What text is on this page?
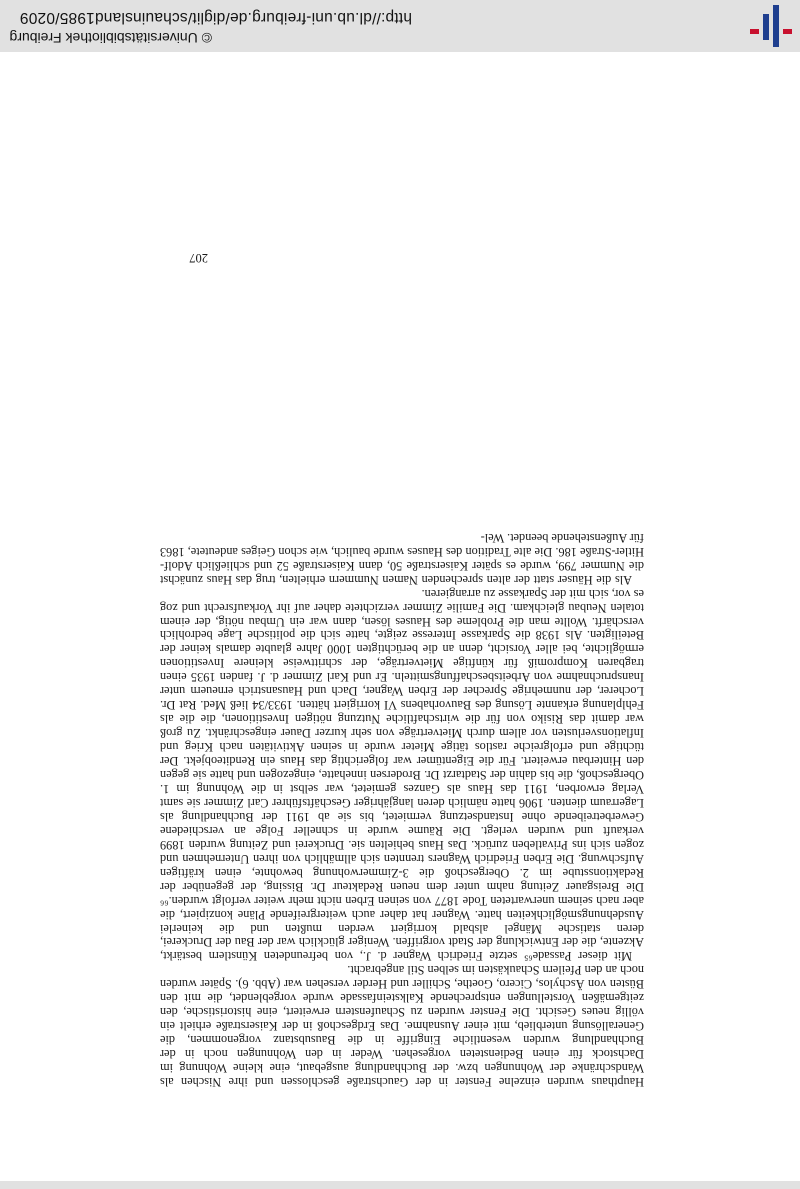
Haupthaus wurden einzelne Fenster in der Gauchstraße geschlossen und ihre Nischen als Wandschränke der Wohnungen bzw. der Buchhandlung ausgebaut, eine kleine Wohnung im Dachstock für einen Bediensteten vorgesehen. Weder in den Wohnungen noch in der Buchhandlung wurden wesentliche Eingriffe in die Bausubstanz vorgenommen, die Generallösung unterblieb, mit einer Ausnahme. Das Erdgeschoß in der Kaiserstraße erhielt ein völlig neues Gesicht. Die Fenster wurden zu Schaufenstern erweitert, eine historistische, den zeitgemäßen Vorstellungen entsprechende Kalksteinfassade wurde vorgeblendet, die mit den Büsten von Äschylos, Cicero, Goethe, Schiller und Herder versehen war (Abb. 6). Später wurden noch an den Pfeilern Schaukästen im selben Stil angebracht.

Mit dieser Passade⁶⁵ setzte Friedrich Wagner d. J., von befreundeten Künstlern bestärkt, Akzente, die der Entwicklung der Stadt vorgriffen. Weniger glücklich war der Bau der Druckerei, deren statische Mängel alsbald korrigiert werden mußten und die keinerlei Ausdehnungsmöglichkeiten hatte. Wagner hat daher auch weitergreifende Pläne konzipiert, die aber nach seinem unerwarteten Tode 1877 von seinen Erben nicht mehr weiter verfolgt wurden.⁶⁶ Die Breisgauer Zeitung nahm unter dem neuen Redakteur Dr. Bissing, der gegenüber der Redaktionsstube im 2. Obergeschoß die 3-Zimmerwohnung bewohnte, einen kräftigen Aufschwung. Die Erben Friedrich Wagners trennten sich allmählich von ihren Unternehmen und zogen sich ins Privatleben zurück. Das Haus behielten sie. Druckerei und Zeitung wurden 1899 verkauft und wurden verlegt. Die Räume wurde in schneller Folge an verschiedene Gewerbetreibende ohne Instandsetzung vermietet, bis sie ab 1911 der Buchhandlung als Lagerraum dienten. 1906 hatte nämlich deren langjähriger Geschäftsführer Carl Zimmer sie samt Verlag erworben, 1911 das Haus als Ganzes gemietet, war selbst in die Wohnung im 1. Obergeschoß, die bis dahin der Stadtarzt Dr. Brodersen innehatte, eingezogen und hatte sie gegen den Hinterbau erweitert. Für die Eigentümer war folgerichtig das Haus ein Renditeobjekt. Der tüchtige und erfolgreiche rastlos tätige Mieter wurde in seinen Aktivitäten nach Krieg und Inflationsverlusten vor allem durch Mietverträge von sehr kurzer Dauer eingeschränkt. Zu groß war damit das Risiko von für die wirtschaftliche Nutzung nötigen Investitionen, die die als Fehlplanung erkannte Lösung des Bauvorhabens VI korrigiert hätten. 1933/34 ließ Med. Rat Dr. Locherer, der nunmehrige Sprecher der Erben Wagner, Dach und Hausanstrich erneuern unter Inanspruchnahme von Arbeitsbeschaffungsmitteln. Er und Karl Zimmer d. J. fanden 1935 einen tragbaren Kompromiß für künftige Mietverträge, der schrittweise kleinere Investitionen ermöglichte, bei aller Vorsicht, denn an die berüchtigten 1000 Jahre glaubte damals keiner der Beteiligten. Als 1938 die Sparkasse Interesse zeigte, hatte sich die politische Lage bedrohlich verschärft. Wollte man die Probleme des Hauses lösen, dann war ein Umbau nötig, der einem totalen Neubau gleichkam. Die Familie Zimmer verzichtete daher auf ihr Vorkaufsrecht und zog es vor, sich mit der Sparkasse zu arrangieren.

Als die Häuser statt der alten sprechenden Namen Nummern erhielten, trug das Haus zunächst die Nummer 799, wurde es später Kaiserstraße 50, dann Kaiserstraße 52 und schließlich Adolf-Hitler-Straße 186. Die alte Tradition des Hauses wurde baulich, wie schon Geiges andeutete, 1863 für Außenstehende beendet. Wel-

207
© Universitätsbibliothek Freiburg
http://dl.ub.uni-freiburg.de/diglit/schauinsland1985/0209
